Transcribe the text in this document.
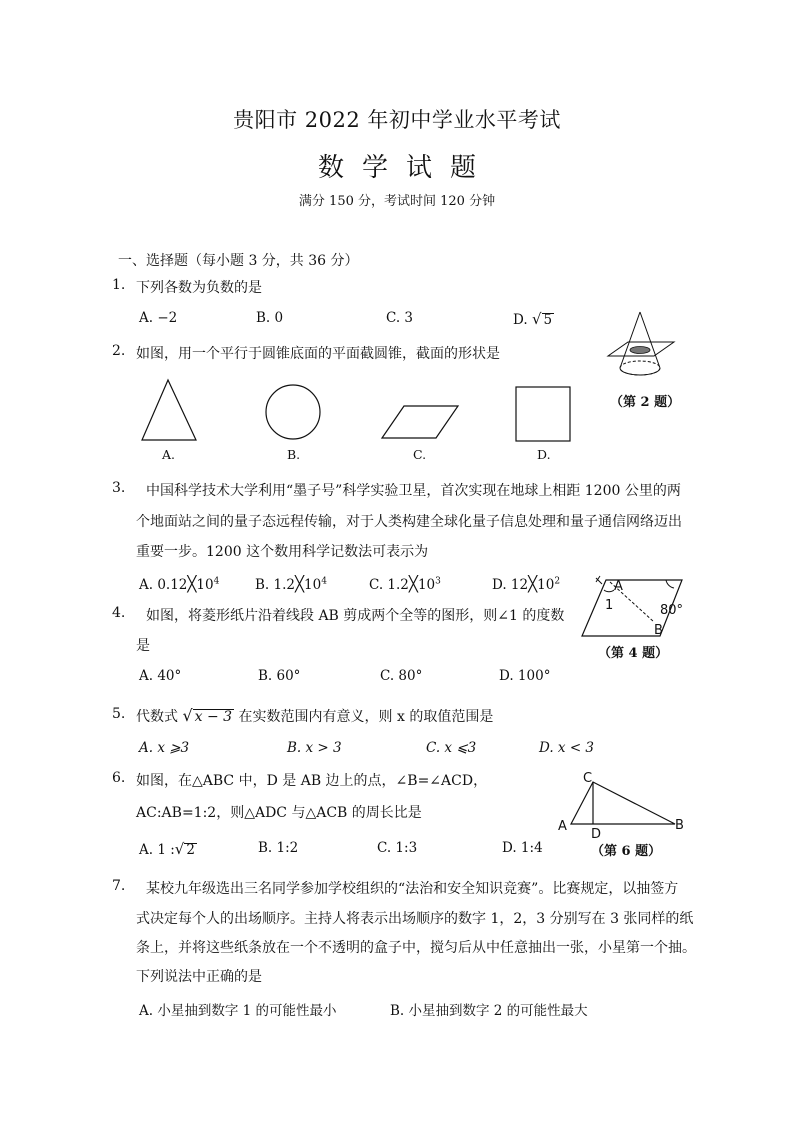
贵阳市 2022 年初中学业水平考试
数学试题
满分 150 分，考试时间 120 分钟
一、选择题（每小题 3 分，共 36 分）
1. 下列各数为负数的是
A. −2	B. 0	C. 3	D. √ 5
2. 如图，用一个平行于圆锥底面的平面截圆锥，截面的形状是
（第 2 题）
A.	B.	C.	D.
3. 中国科学技术大学利用“墨子号”科学实验卫星，首次实现在地球上相距 1200 公里的两
个地面站之间的量子态远程传输，对于人类构建全球化量子信息处理和量子通信网络迈出
重要一步。1200 这个数用科学记数法可表示为
A. $0.12╳10^4$	B. $1.2╳10^4$	C. $1.2╳10^3$	D. $12╳10^2$
4. 如图，将菱形纸片沿着线段 AB 剪成两个全等的图形，则∠1 的度数
是
A. 40°	B. 60°	C. 80°	D. 100°
A
1	80°
B
（第 4 题）
5. 代数式 √ x − 3 在实数范围内有意义，则 x 的取值范围是
A. x ⩾3	B. x > 3	C. x ⩽3	D. x < 3
6. 如图，在△ABC 中，D 是 AB 边上的点，∠B=∠ACD，
AC:AB=1:2，则△ADC 与△ACB 的周长比是
A. 1 :√ 2	B. 1:2	C. 1:3	D. 1:4
C
A
D
B
（第 6 题）
7. 某校九年级选出三名同学参加学校组织的“法治和安全知识竞赛”。比赛规定，以抽签方
式决定每个人的出场顺序。主持人将表示出场顺序的数字 1，2，3 分别写在 3 张同样的纸
条上，并将这些纸条放在一个不透明的盒子中，搅匀后从中任意抽出一张，小星第一个抽。
下列说法中正确的是
A. 小星抽到数字 1 的可能性最小	B. 小星抽到数字 2 的可能性最大
